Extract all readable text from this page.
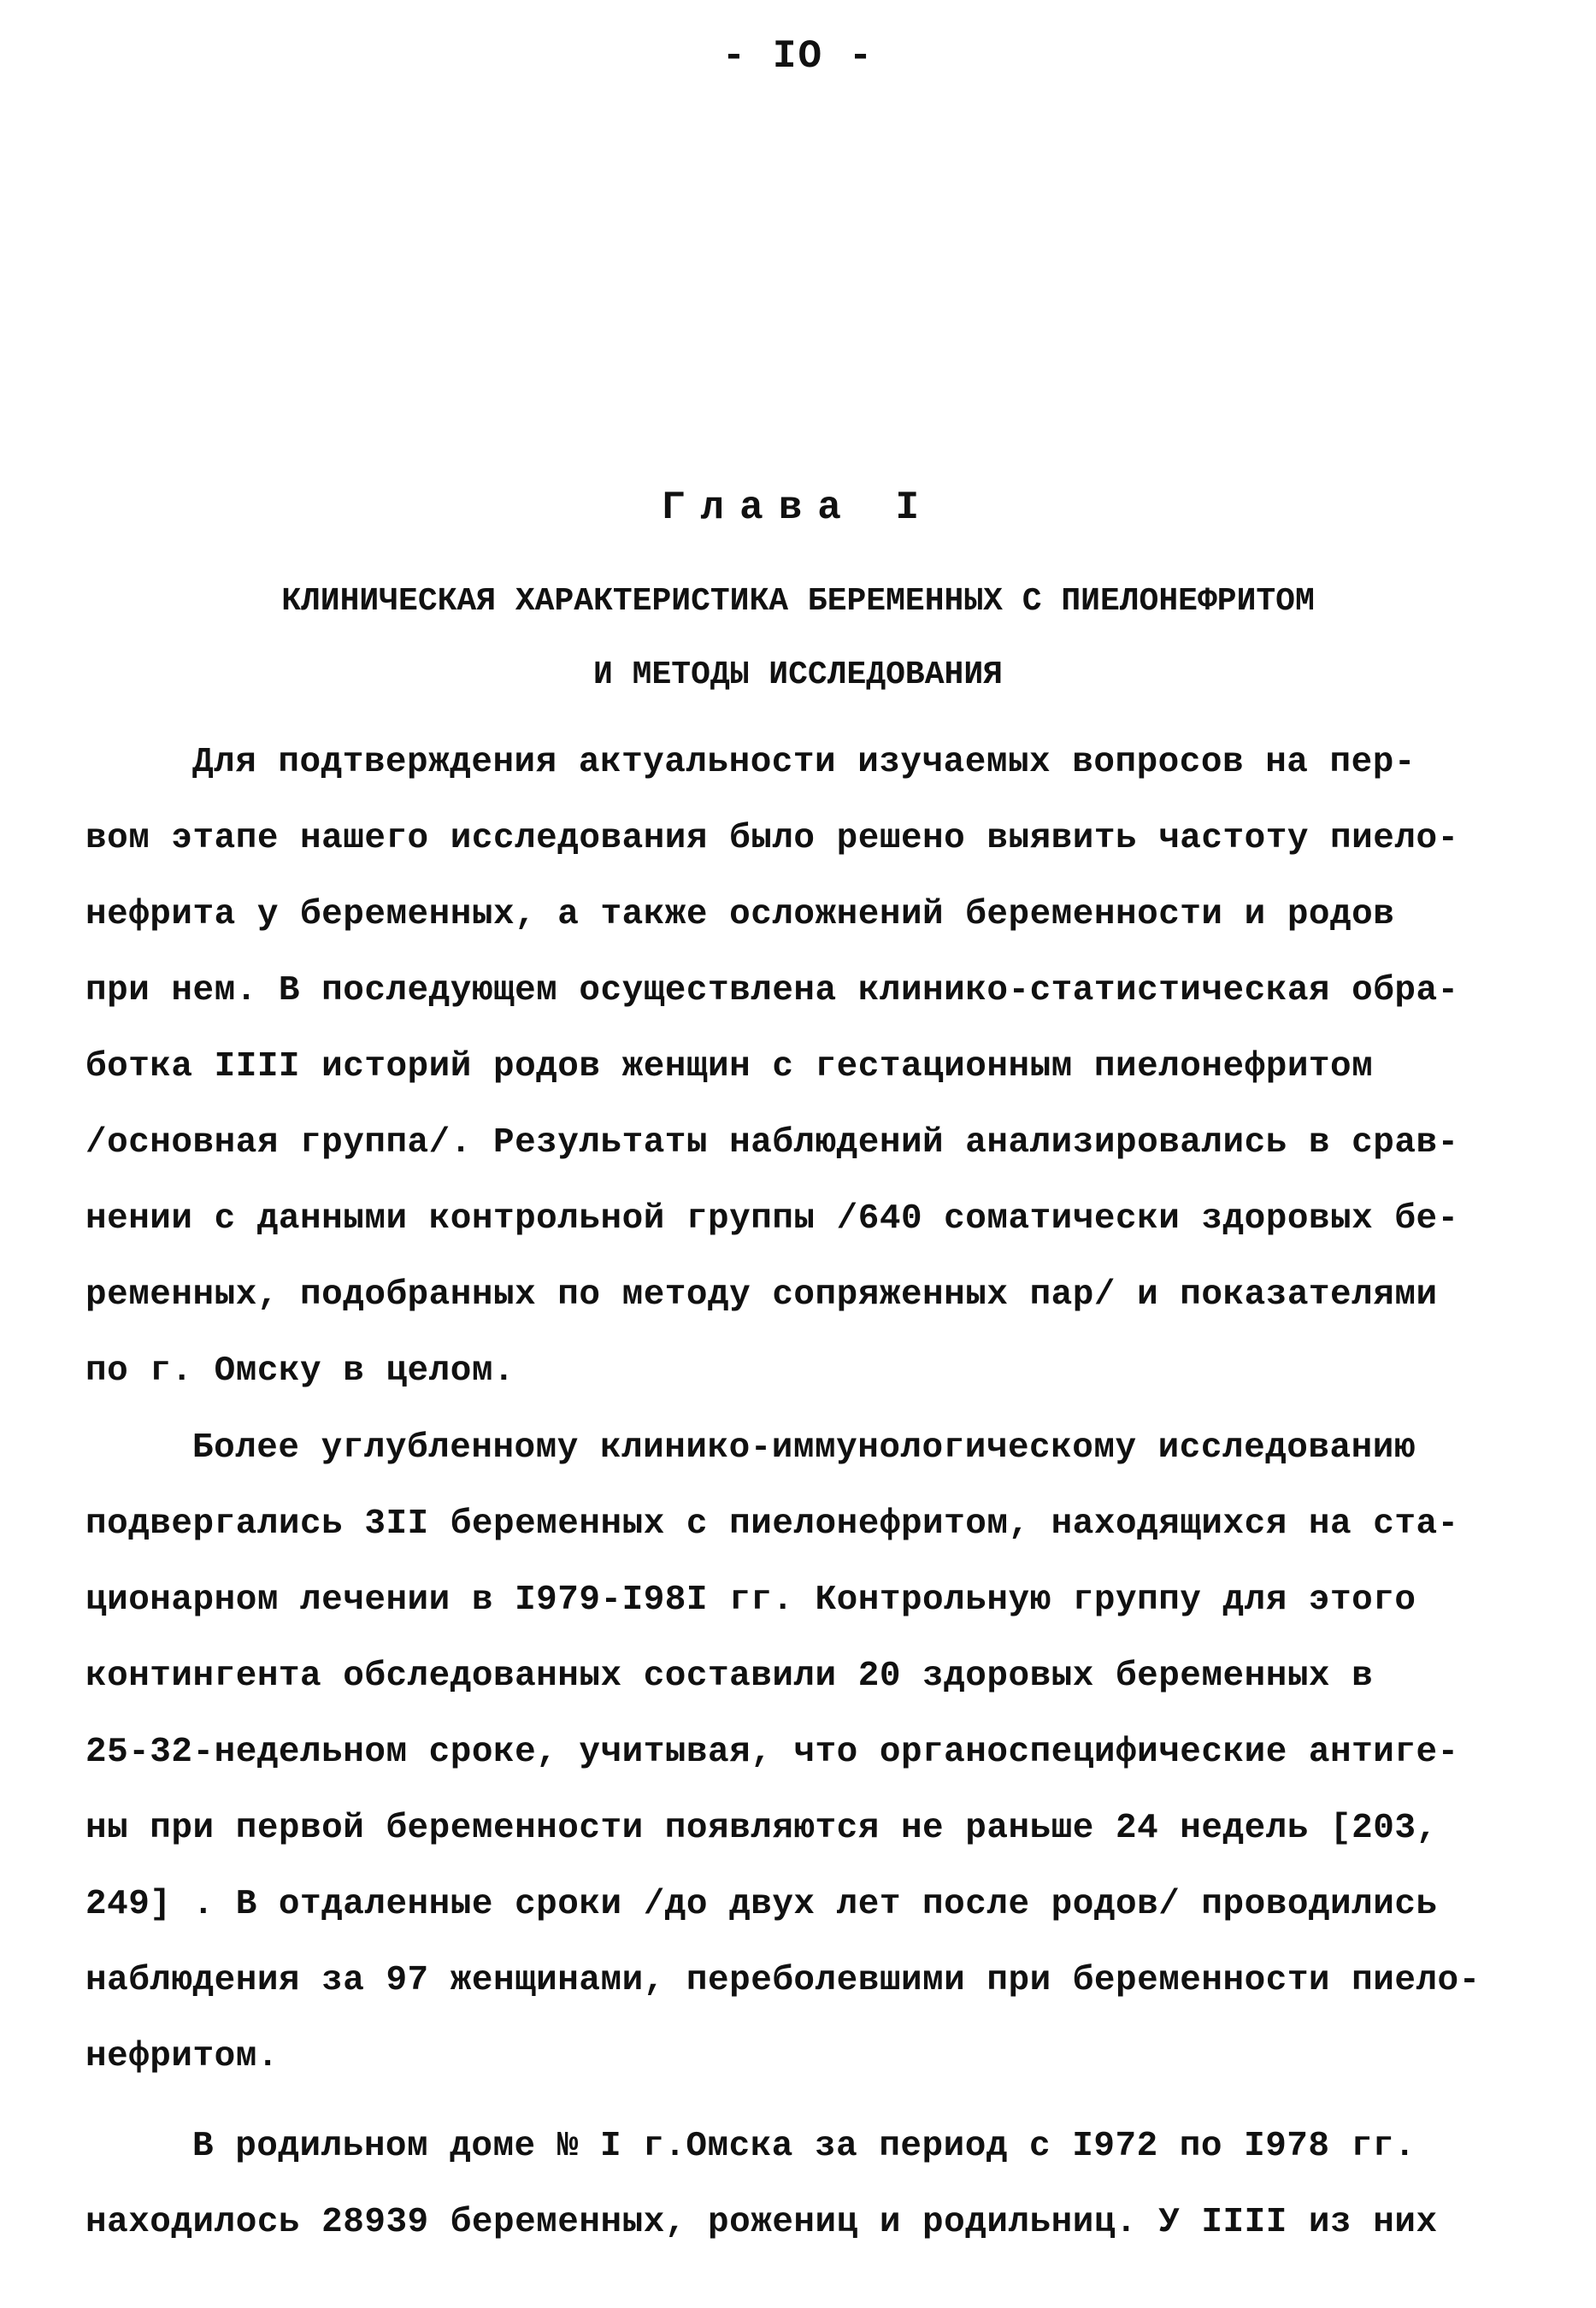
- IO -
Глава I
КЛИНИЧЕСКАЯ ХАРАКТЕРИСТИКА БЕРЕМЕННЫХ С ПИЕЛОНЕФРИТОМ
И МЕТОДЫ ИССЛЕДОВАНИЯ
Для подтверждения актуальности изучаемых вопросов на пер-
вом этапе нашего исследования было решено выявить частоту пиело-
нефрита у беременных, а также осложнений беременности и родов
при нем. В последующем осуществлена клинико-статистическая обра-
ботка IIII историй родов женщин с гестационным пиелонефритом
/основная группа/. Результаты наблюдений анализировались в срав-
нении с данными контрольной группы /640 соматически здоровых бе-
ременных, подобранных по методу сопряженных пар/ и показателями
по г. Омску в целом.
Более углубленному клинико-иммунологическому исследованию
подвергались 3II беременных с пиелонефритом, находящихся на ста-
ционарном лечении в I979-I98I гг. Контрольную группу для этого
контингента обследованных составили 20 здоровых беременных в
25-32-недельном сроке, учитывая, что органоспецифические антиге-
ны при первой беременности появляются не раньше 24 недель [203,
249] . В отдаленные сроки /до двух лет после родов/ проводились
наблюдения за 97 женщинами, переболевшими при беременности пиело-
нефритом.
В родильном доме № I г.Омска за период с I972 по I978 гг.
находилось 28939 беременных, рожениц и родильниц. У IIII из них
